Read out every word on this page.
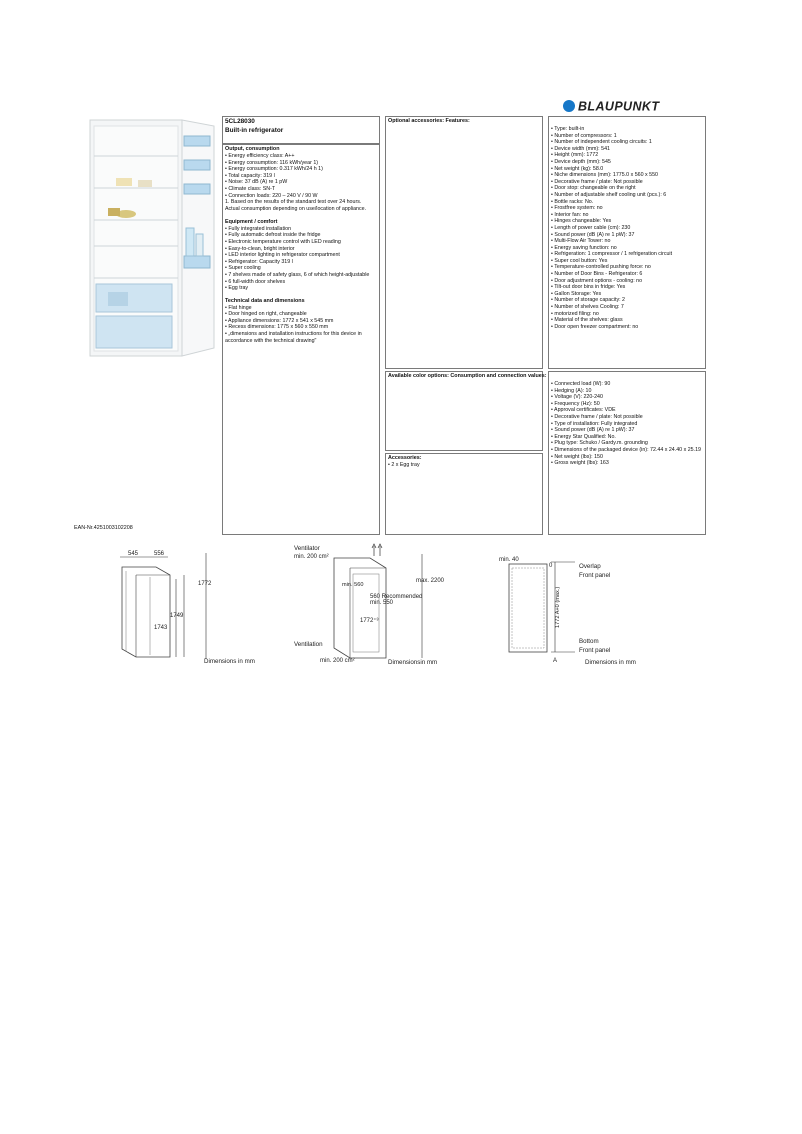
BLAUPUNKT
5CL28030
Built-in refrigerator
Output, consumption
• Energy efficiency class: A++
• Energy consumption: 116 kWh/year 1)
• Energy consumption: 0.317 kWh/24 h 1)
• Total capacity: 319 l
• Noise: 37 dB (A) re 1 pW
• Climate class: SN-T
• Connection loads: 220 – 240 V / 90 W
1. Based on the results of the standard test over 24 hours. Actual consumption depending on use/location of appliance.
Equipment / comfort
• Fully integrated installation
• Fully automatic defrost inside the fridge
• Electronic temperature control with LED reading
• Easy-to-clean, bright interior
• LED interior lighting in refrigerator compartment
• Refrigerator: Capacity 319 l
• Super cooling
• 7 shelves made of safety glass, 6 of which height-adjustable
• 6 full-width door shelves
• Egg tray
Technical data and dimensions
• Flat hinge
• Door hinged on right, changeable
• Appliance dimensions: 1772 x 541 x 545 mm
• Recess dimensions: 1775 x 560 x 550 mm
• „dimensions and installation instructions for this device in accordance with the technical drawing"
Optional accessories: Features:
Available color options: Consumption and connection values:
Accessories:
• 2 x Egg tray
• Type: built-in
• Number of compressors: 1
• Number of independent cooling circuits: 1
• Device width (mm): 541
• Height (mm): 1772
• Device depth (mm): 545
• Net weight (kg): 58.0
• Niche dimensions (mm): 1775.0 x 560 x 550
• Decorative frame / plate: Not possible
• Door stop: changeable on the right
• Number of adjustable shelf cooling unit (pcs.): 6
• Bottle racks: No.
• Frostfree system: no
• Interior fan: no
• Hinges changeable: Yes
• Length of power cable (cm): 230
• Sound power (dB (A) re 1 pW): 37
• Multi-Flow Air Tower: no
• Energy saving function: no
• Refrigeration: 1 compressor / 1 refrigeration circuit
• Super cool button: Yes
• Temperature-controlled pushing force: no
• Number of Door Bins - Refrigerator: 6
• Door adjustment options - cooling: no
• Tilt-out door bins in fridge: Yes
• Gallon Storage: Yes
• Number of storage capacity: 2
• Number of shelves Cooling: 7
• motorized filing: no
• Material of the shelves: glass
• Door open freezer compartment: no
• Connected load (W): 90
• Hedging (A): 10
• Voltage (V): 220-240
• Frequency (Hz): 50
• Approval certificates: VDE
• Decorative frame / plate: Not possible
• Type of installation: Fully integrated
• Sound power (dB (A) re 1 pW): 37
• Energy Star Qualified: No.
• Plug type: Schuko / Gardy.m. grounding
• Dimensions of the packaged device (in): 72.44 x 24.40 x 25.19
• Net weight (lbs): 150
• Gross weight (lbs): 163
EAN-Nr.4251003102208
545	556
1772
1749
1743
Dimensions in mm
Ventilator
min. 200 cm²
Ventilation
min. 200 cm²
min. 560
560 Recommended
min. 550
1772⁺³
max. 2200
Dimensionsin mm
min. 40
0
1772 A+0 (max.)
A
Overlap
Front panel
Bottom
Front panel
Dimensions in mm
